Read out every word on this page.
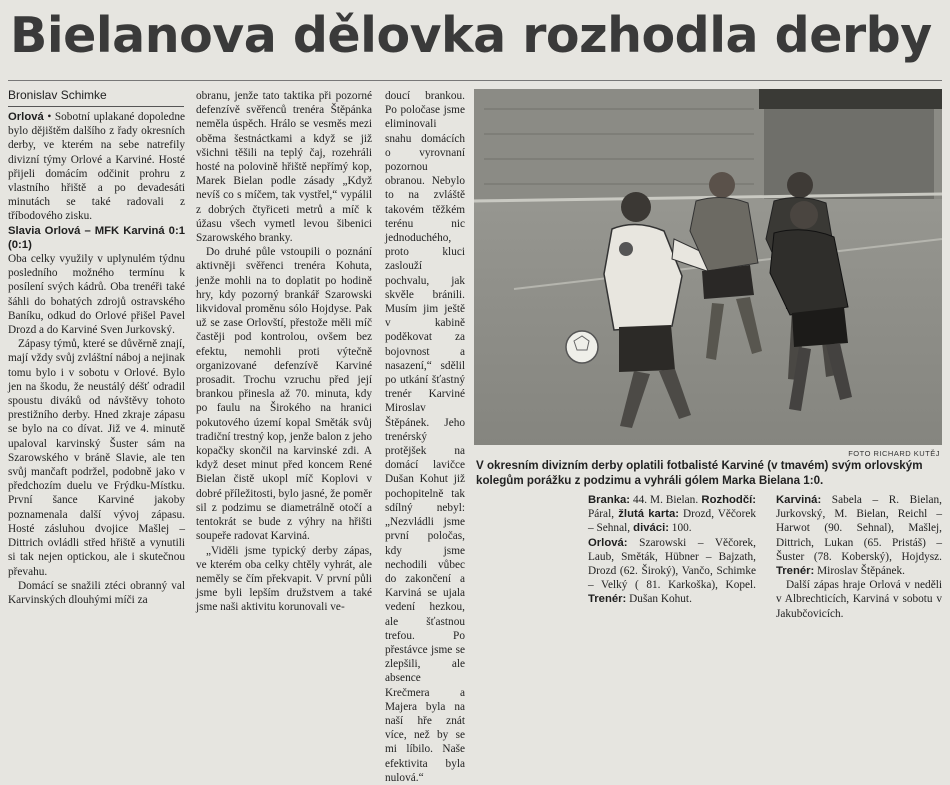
Bielanova dělovka rozhodla derby
Bronislav Schimke

Orlová • Sobotní uplakané dopoledne bylo dějištěm dalšího z řady okresních derby, ve kterém na sebe natrefily divizní týmy Orlové a Karviné. Hosté přijeli domácím odčinit prohru z vlastního hřiště a po devadesáti minutách se také radovali z tříbodového zisku.

Slavia Orlová – MFK Karviná 0:1 (0:1)

Oba celky využily v uplynulém týdnu posledního možného termínu k posílení svých kádrů. Oba trenéři také šáhli do bohatých zdrojů ostravského Baníku, odkud do Orlové přišel Pavel Drozd a do Karviné Sven Jurkovský.

Zápasy týmů, které se důvěrně znají, mají vždy svůj zvláštní náboj a nejinak tomu bylo i v sobotu v Orlové. Bylo jen na škodu, že neustálý déšť odradil spoustu diváků od návštěvy tohoto prestižního derby. Hned zkraje zápasu se bylo na co dívat. Již ve 4. minutě upaloval karvinský Šuster sám na Szarowského v bráně Slavie, ale ten svůj mančaft podržel, podobně jako v předchozím duelu ve Frýdku-Místku. První šance Karviné jakoby poznamenala další vývoj zápasu. Hosté zásluhou dvojice Mašlej – Dittrich ovládli střed hřiště a vynutili si tak nejen optickou, ale i skutečnou převahu.

Domácí se snažili ztéci obranný val Karvinských dlouhými míči za

obranu, jenže tato taktika při pozorné defenzívě svěřenců trenéra Štěpánka neměla úspěch. Hrálo se vesměs mezi oběma šestnáctkami a když se již všichni těšili na teplý čaj, rozehráli hosté na polovině hřiště nepřímý kop, Marek Bielan podle zásady „Když nevíš co s míčem, tak vystřel,“ vypálil z dobrých čtyřiceti metrů a míč k úžasu všech vymetl levou šibenici Szarowského branky.

Do druhé půle vstoupili o poznání aktivněji svěřenci trenéra Kohuta, jenže mohli na to doplatit po hodině hry, kdy pozorný brankář Szarowski likvidoval proměnu sólo Hojdyse. Pak už se zase Orlovští, přestože měli míč častěji pod kontrolou, ovšem bez efektu, nemohli proti výtečně organizované defenzívě Karviné prosadit. Trochu vzruchu před její brankou přinesla až 70. minuta, kdy po faulu na Širokého na hranici pokutového území kopal Směták svůj tradiční trestný kop, jenže balon z jeho kopačky skončil na karvinské zdi. A když deset minut před koncem René Bielan čistě ukopl míč Koplovi v dobré příležitosti, bylo jasné, že poměr sil z podzimu se diametrálně otočí a tentokrát se bude z výhry na hřišti soupeře radovat Karviná.

„Viděli jsme typický derby zápas, ve kterém oba celky chtěly vyhrát, ale neměly se čím překvapit. V první půli jsme byli lepším družstvem a také jsme naši aktivitu korunovali ve-

doucí brankou. Po poločase jsme eliminovali snahu domácích o vyrovnaní pozornou obranou. Nebylo to na zvláště takovém těžkém terénu nic jednoduchého, proto kluci zaslouží pochvalu, jak skvěle bránili. Musím jim ještě v kabině poděkovat za bojovnost a nasazení,“ sdělil po utkání šťastný trenér Karviné Miroslav Štěpánek. Jeho trenérský protějšek na domácí lavičce Dušan Kohut již pochopitelně tak sdílný nebyl: „Nezvládli jsme první poločas, kdy jsme nechodili vůbec do zakončení a Karviná se ujala vedení hezkou, ale šťastnou trefou. Po přestávce jsme se zlepšili, ale absence Krečmera a Majera byla na naší hře znát více, než by se mi líbilo. Naše efektivita byla nulová.“

FOTO RICHARD KUTĚJ
V okresním divizním derby oplatili fotbalisté Karviné (v tmavém) svým orlovským kolegům porážku z podzimu a vyhráli gólem Marka Bielana 1:0.

Branka: 44. M. Bielan. Rozhodčí: Páral, žlutá karta: Drozd, Věčorek – Sehnal, diváci: 100.

Orlová: Szarowski – Věčorek, Laub, Směták, Hübner – Bajzath, Drozd (62. Široký), Vančo, Schimke – Velký ( 81. Karkoška), Kopel. Trenér: Dušan Kohut.

Karviná: Sabela – R. Bielan, Jurkovský, M. Bielan, Reichl – Harwot (90. Sehnal), Mašlej, Dittrich, Lukan (65. Pristáš) – Šuster (78. Koberský), Hojdysz. Trenér: Miroslav Štěpánek.

Další zápas hraje Orlová v neděli v Albrechticích, Karviná v sobotu v Jakubčovicích.
